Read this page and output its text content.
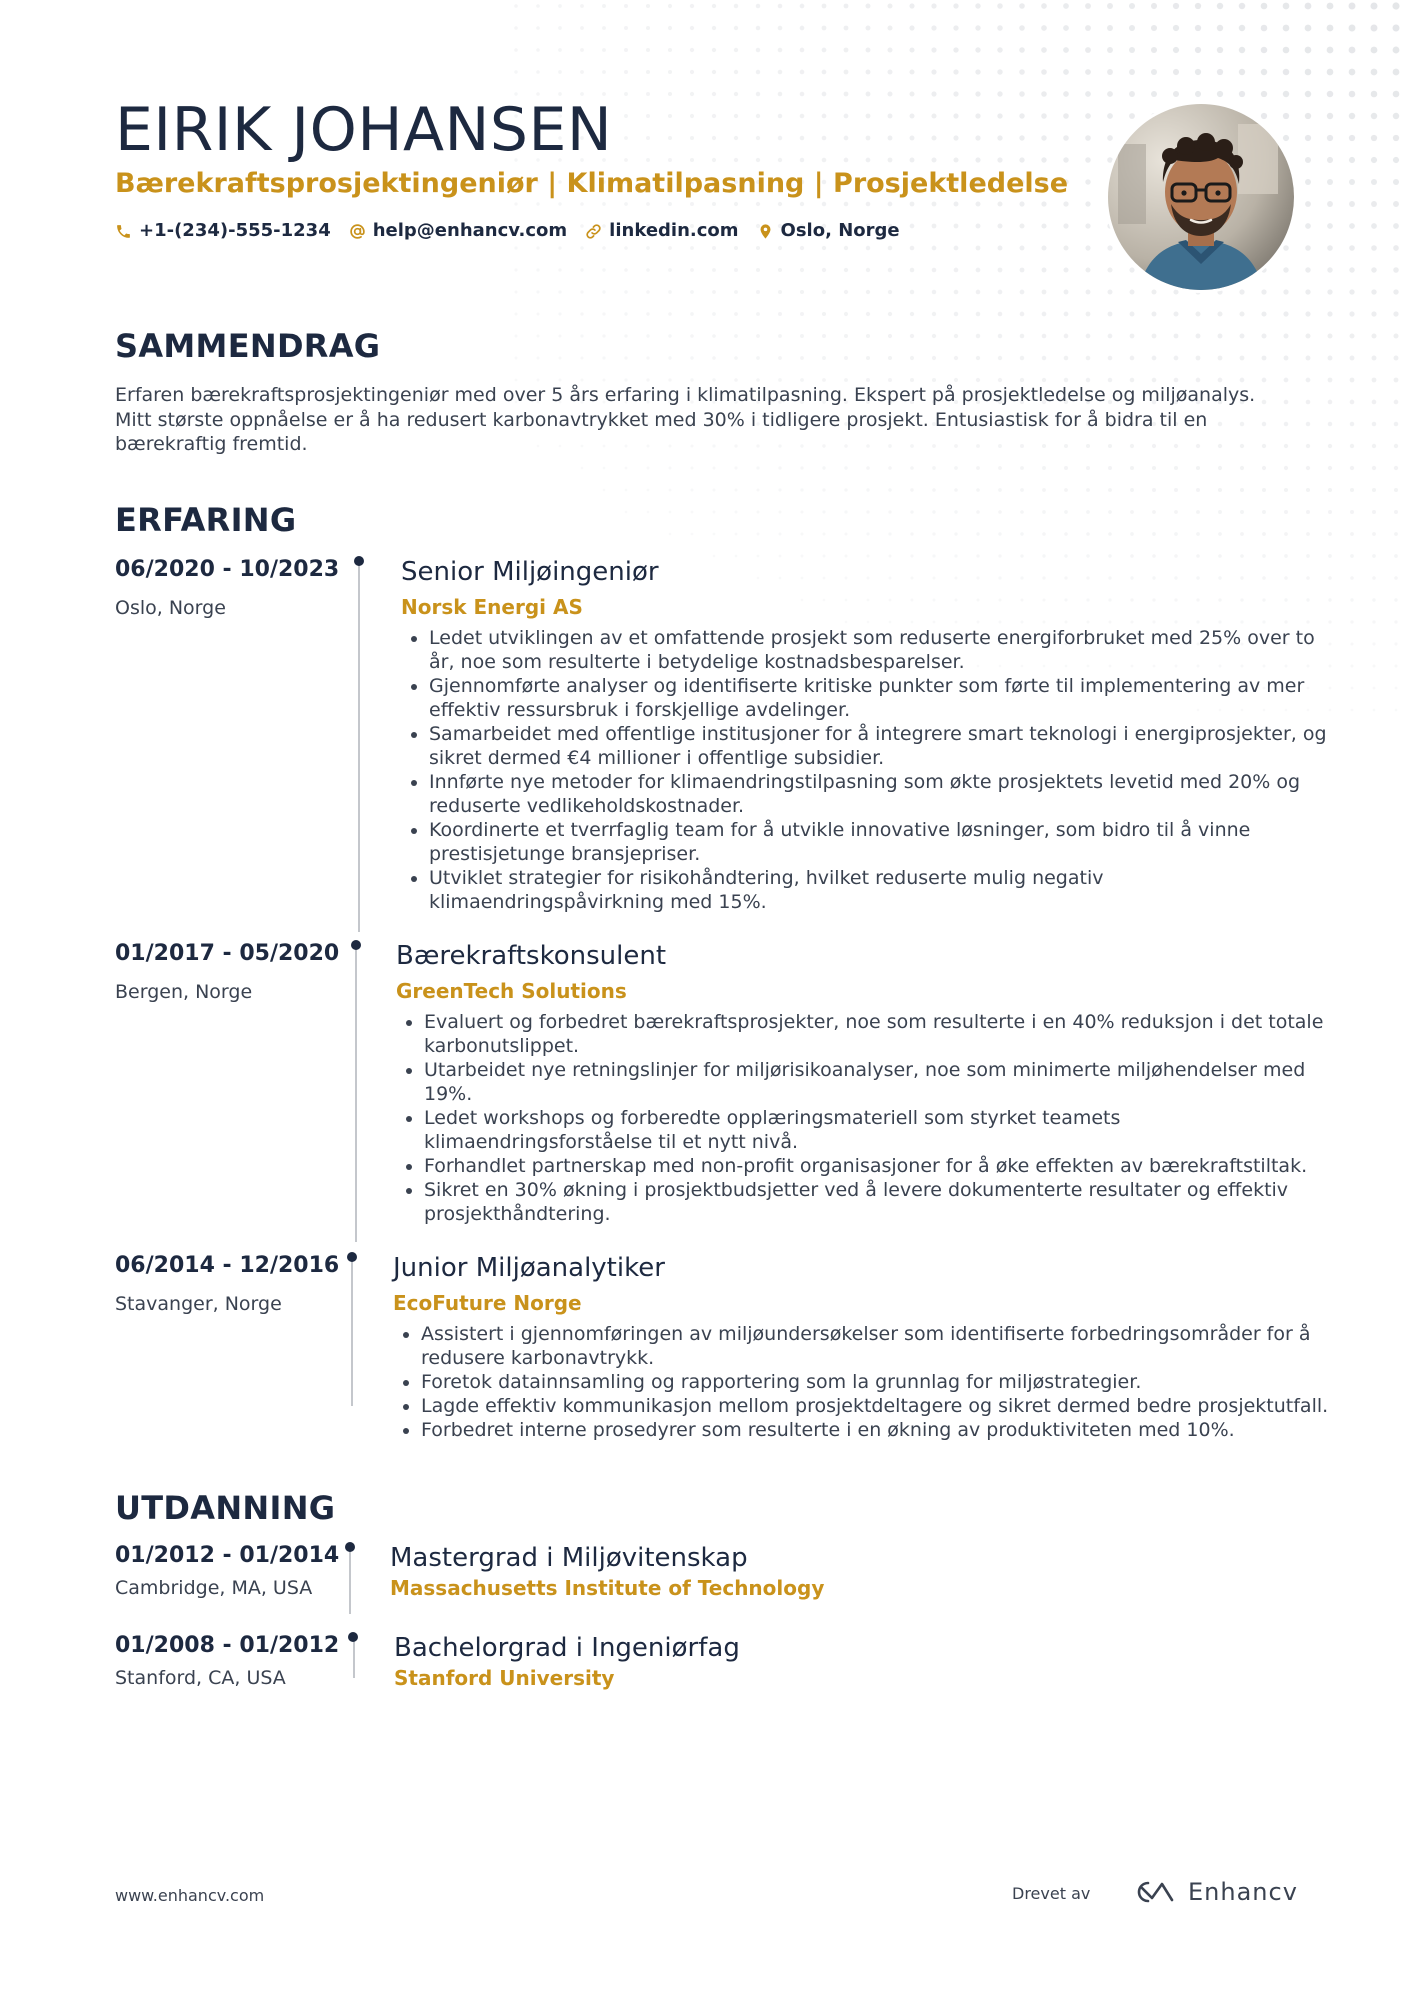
EIRIK JOHANSEN
Bærekraftsprosjektingeniør | Klimatilpasning | Prosjektledelse
+1-(234)-555-1234 help@enhancv.com linkedin.com Oslo, Norge
SAMMENDRAG

Erfaren bærekraftsprosjektingeniør med over 5 års erfaring i klimatilpasning. Ekspert på prosjektledelse og miljøanalys. Mitt største oppnåelse er å ha redusert karbonavtrykket med 30% i tidligere prosjekt. Entusiastisk for å bidra til en bærekraftig fremtid.

ERFARING
06/2020 - 10/2023
Oslo, Norge
Senior Miljøingeniør
Norsk Energi AS
• Ledet utviklingen av et omfattende prosjekt som reduserte energiforbruket med 25% over to år, noe som resulterte i betydelige kostnadsbesparelser.
• Gjennomførte analyser og identifiserte kritiske punkter som førte til implementering av mer effektiv ressursbruk i forskjellige avdelinger.
• Samarbeidet med offentlige institusjoner for å integrere smart teknologi i energiprosjekter, og sikret dermed €4 millioner i offentlige subsidier.
• Innførte nye metoder for klimaendringstilpasning som økte prosjektets levetid med 20% og reduserte vedlikeholdskostnader.
• Koordinerte et tverrfaglig team for å utvikle innovative løsninger, som bidro til å vinne prestisjetunge bransjepriser.
• Utviklet strategier for risikohåndtering, hvilket reduserte mulig negativ klimaendringspåvirkning med 15%.
01/2017 - 05/2020
Bergen, Norge
Bærekraftskonsulent
GreenTech Solutions
• Evaluert og forbedret bærekraftsprosjekter, noe som resulterte i en 40% reduksjon i det totale karbonutslippet.
• Utarbeidet nye retningslinjer for miljørisikoanalyser, noe som minimerte miljøhendelser med 19%.
• Ledet workshops og forberedte opplæringsmateriell som styrket teamets klimaendringsforståelse til et nytt nivå.
• Forhandlet partnerskap med non-profit organisasjoner for å øke effekten av bærekraftstiltak.
• Sikret en 30% økning i prosjektbudsjetter ved å levere dokumenterte resultater og effektiv prosjekthåndtering.
06/2014 - 12/2016
Stavanger, Norge
Junior Miljøanalytiker
EcoFuture Norge
• Assistert i gjennomføringen av miljøundersøkelser som identifiserte forbedringsområder for å redusere karbonavtrykk.
• Foretok datainnsamling og rapportering som la grunnlag for miljøstrategier.
• Lagde effektiv kommunikasjon mellom prosjektdeltagere og sikret dermed bedre prosjektutfall.
• Forbedret interne prosedyrer som resulterte i en økning av produktiviteten med 10%.
UTDANNING
01/2012 - 01/2014
Cambridge, MA, USA
Mastergrad i Miljøvitenskap
Massachusetts Institute of Technology
01/2008 - 01/2012
Stanford, CA, USA
Bachelorgrad i Ingeniørfag
Stanford University
www.enhancv.com	Drevet av	Enhancv
